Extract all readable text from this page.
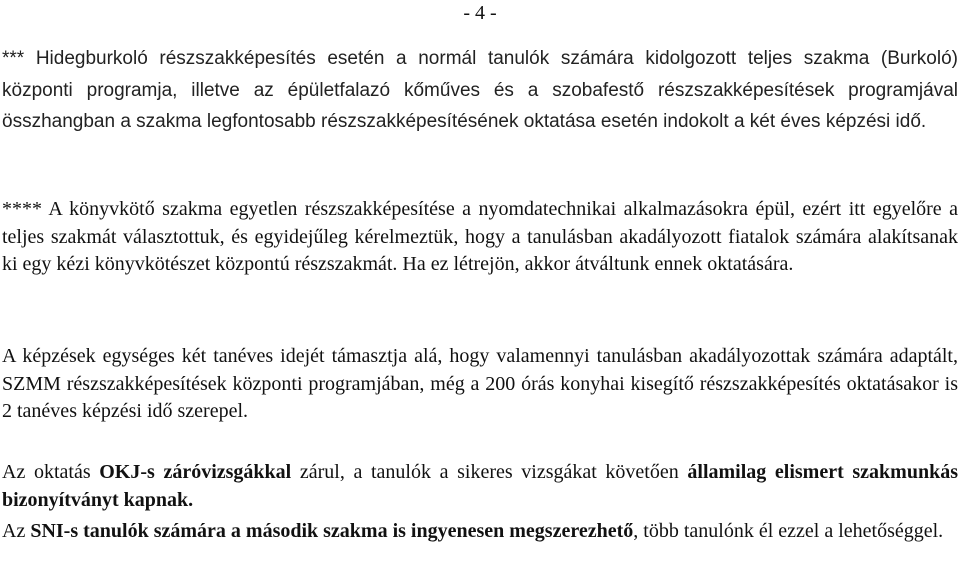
- 4 -

*** Hidegburkoló részszakképesítés esetén a normál tanulók számára kidolgozott teljes szakma (Burkoló) központi programja, illetve az épületfalazó kőműves és a szobafestő részszakképesítések programjával összhangban a szakma legfontosabb részszakképesítésének oktatása esetén indokolt a két éves képzési idő.

**** A könyvkötő szakma egyetlen részszakképesítése a nyomdatechnikai alkalmazásokra épül, ezért itt egyelőre a teljes szakmát választottuk, és egyidejűleg kérelmeztük, hogy a tanulásban akadályozott fiatalok számára alakítsanak ki egy kézi könyvkötészet központú részszakmát. Ha ez létrejön, akkor átváltunk ennek oktatására.

A képzések egységes két tanéves idejét támasztja alá, hogy valamennyi tanulásban akadályozottak számára adaptált, SZMM részszakképesítések központi programjában, még a 200 órás konyhai kisegítő részszakképesítés oktatásakor is 2 tanéves képzési idő szerepel.

Az oktatás OKJ-s záróvizsgákkal zárul, a tanulók a sikeres vizsgákat követően államilag elismert szakmunkás bizonyítványt kapnak.

Az SNI-s tanulók számára a második szakma is ingyenesen megszerezhető, több tanulónk él ezzel a lehetőséggel.
